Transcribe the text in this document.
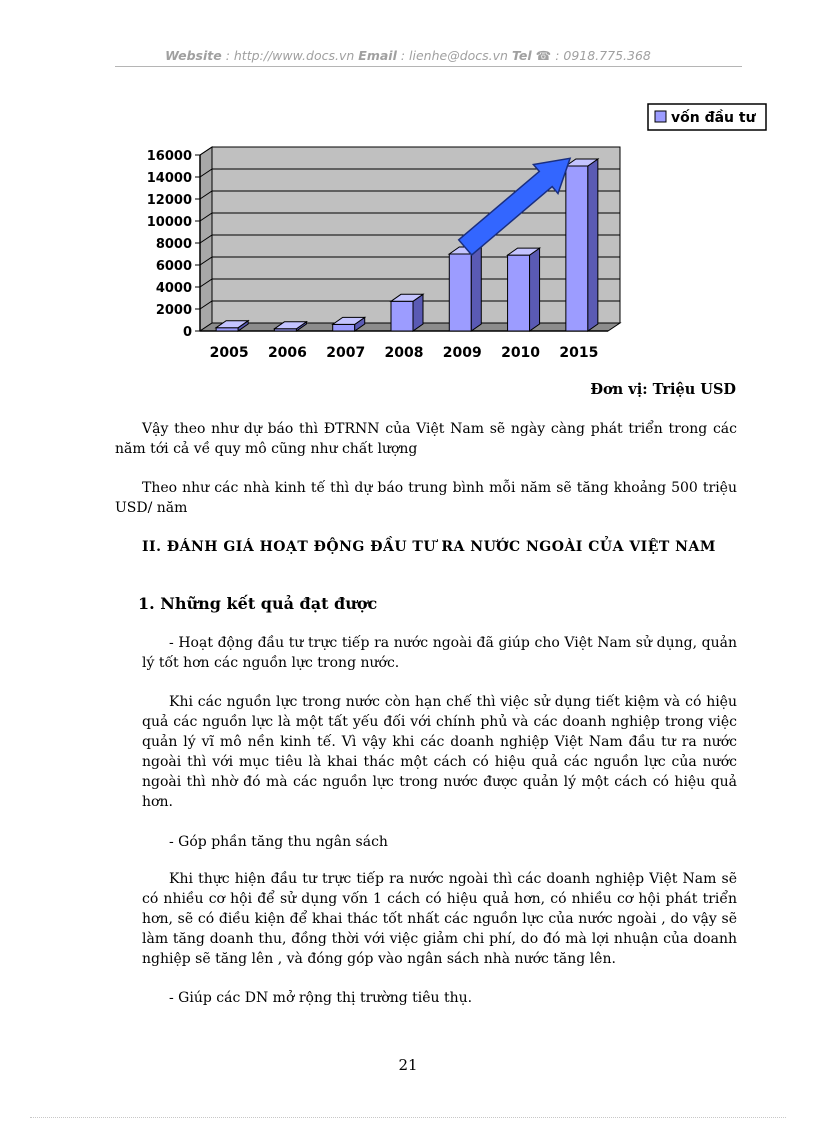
Website : http://www.docs.vn Email : lienhe@docs.vn Tel ☎ : 0918.775.368
0
2000
4000
6000
8000
10000
12000
14000
16000
2005 2006 2007 2008 2009 2010 2015
vốn đầu tư
Đơn vị: Triệu USD
Vậy theo như dự báo thì ĐTRNN của Việt Nam sẽ ngày càng phát triển trong các năm tới cả về quy mô cũng như chất lượng
Theo như các nhà kinh tế thì dự báo trung bình mỗi năm sẽ tăng khoảng 500 triệu USD/ năm
II. ĐÁNH GIÁ HOẠT ĐỘNG ĐẦU TƯ RA NƯỚC NGOÀI CỦA VIỆT NAM
1. Những kết quả đạt được
- Hoạt động đầu tư trực tiếp ra nước ngoài đã giúp cho Việt Nam sử dụng, quản lý tốt hơn các nguồn lực trong nước.
Khi các nguồn lực trong nước còn hạn chế thì việc sử dụng tiết kiệm và có hiệu quả các nguồn lực là một tất yếu đối với chính phủ và các doanh nghiệp trong việc quản lý vĩ mô nền kinh tế. Vì vậy khi các doanh nghiệp Việt Nam đầu tư ra nước ngoài thì với mục tiêu là khai thác một cách có hiệu quả các nguồn lực của nước ngoài thì nhờ đó mà các nguồn lực trong nước được quản lý một cách có hiệu quả hơn.
- Góp phần tăng thu ngân sách
Khi thực hiện đầu tư trực tiếp ra nước ngoài thì các doanh nghiệp Việt Nam sẽ có nhiều cơ hội để sử dụng vốn 1 cách có hiệu quả hơn, có nhiều cơ hội phát triển hơn, sẽ có điều kiện để khai thác tốt nhất các nguồn lực của nước ngoài , do vậy sẽ làm tăng doanh thu, đồng thời với việc giảm chi phí, do đó mà lợi nhuận của doanh nghiệp sẽ tăng lên , và đóng góp vào ngân sách nhà nước tăng lên.
- Giúp các DN mở rộng thị trường tiêu thụ.
21
